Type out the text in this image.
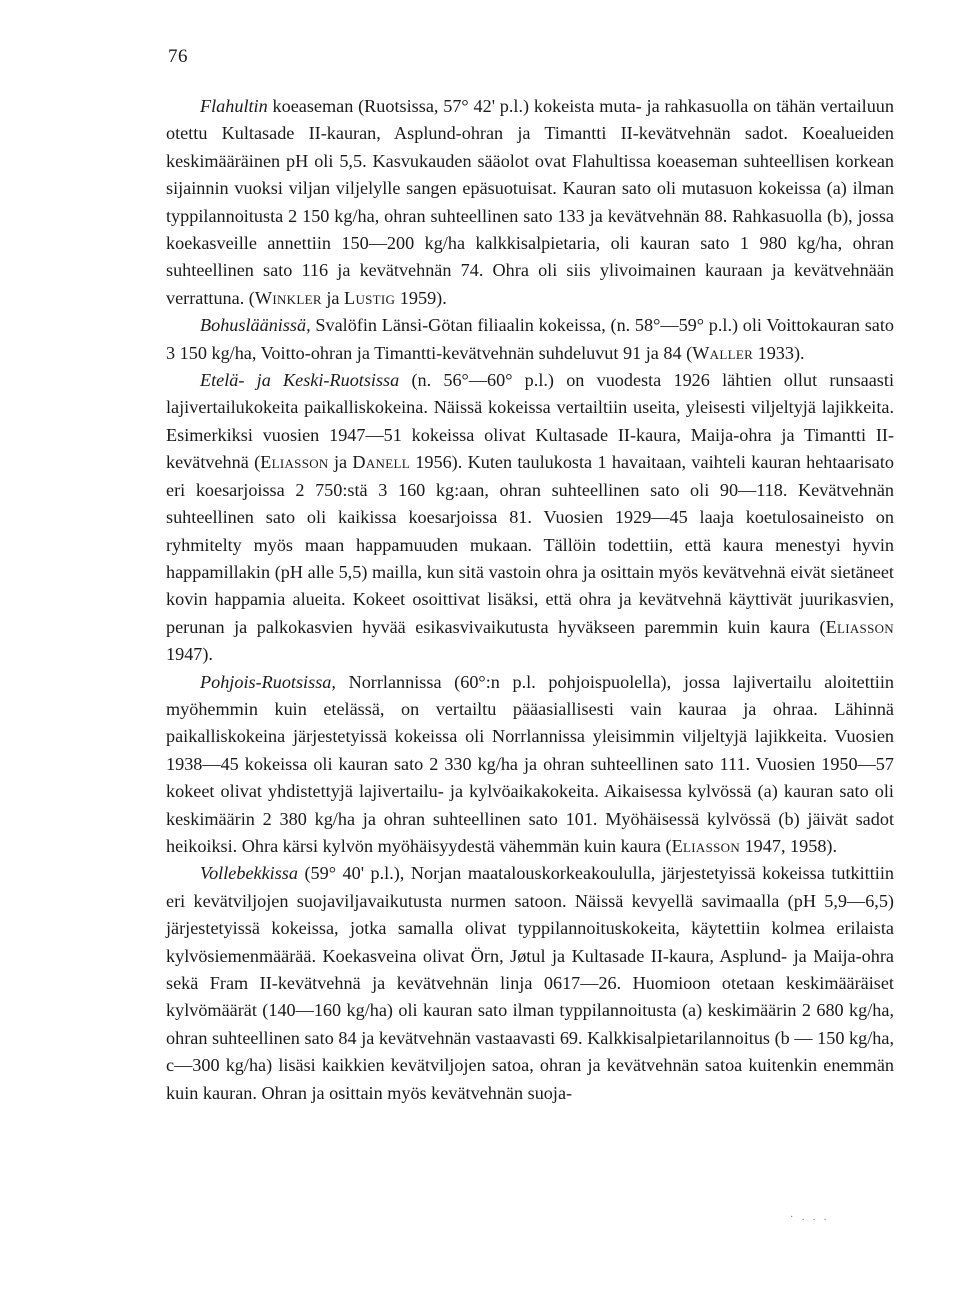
76

Flahultin koeaseman (Ruotsissa, 57° 42' p.l.) kokeista muta- ja rahkasuolla on tähän vertailuun otettu Kultasade II-kauran, Asplund-ohran ja Timantti II-kevätvehnän sadot. Koealueiden keskimääräinen pH oli 5,5. Kasvukauden sääolot ovat Flahultissa koeaseman suhteellisen korkean sijainnin vuoksi viljan viljelylle sangen epäsuotuisat. Kauran sato oli mutasuon kokeissa (a) ilman typpilannoitusta 2 150 kg/ha, ohran suhteellinen sato 133 ja kevätvehnän 88. Rahkasuolla (b), jossa koekasveille annettiin 150—200 kg/ha kalkkisalpietaria, oli kauran sato 1 980 kg/ha, ohran suhteellinen sato 116 ja kevätvehnän 74. Ohra oli siis ylivoimainen kauraan ja kevätvehnään verrattuna. (Winkler ja Lustig 1959).

Bohusläänissä, Svalöfin Länsi-Götan filiaalin kokeissa, (n. 58°—59° p.l.) oli Voittokauran sato 3 150 kg/ha, Voitto-ohran ja Timantti-kevätvehnän suhdeluvut 91 ja 84 (Waller 1933).

Etelä- ja Keski-Ruotsissa (n. 56°—60° p.l.) on vuodesta 1926 lähtien ollut runsaasti lajivertailukokeita paikalliskokeina. Näissä kokeissa vertailtiin useita, yleisesti viljeltyjä lajikkeita. Esimerkiksi vuosien 1947—51 kokeissa olivat Kultasade II-kaura, Maija-ohra ja Timantti II-kevätvehnä (Eliasson ja Danell 1956). Kuten taulukosta 1 havaitaan, vaihteli kauran hehtaarisato eri koesarjoissa 2 750:stä 3 160 kg:aan, ohran suhteellinen sato oli 90—118. Kevätvehnän suhteellinen sato oli kaikissa koesarjoissa 81. Vuosien 1929—45 laaja koetulosaineisto on ryhmitelty myös maan happamuuden mukaan. Tällöin todettiin, että kaura menestyi hyvin happamillakin (pH alle 5,5) mailla, kun sitä vastoin ohra ja osittain myös kevätvehnä eivät sietäneet kovin happamia alueita. Kokeet osoittivat lisäksi, että ohra ja kevätvehnä käyttivät juurikasvien, perunan ja palkokasvien hyvää esikasvivaikutusta hyväkseen paremmin kuin kaura (Eliasson 1947).

Pohjois-Ruotsissa, Norrlannissa (60°:n p.l. pohjoispuolella), jossa lajivertailu aloitettiin myöhemmin kuin etelässä, on vertailtu pääasiallisesti vain kauraa ja ohraa. Lähinnä paikalliskokeina järjestetyissä kokeissa oli Norrlannissa yleisimmin viljeltyjä lajikkeita. Vuosien 1938—45 kokeissa oli kauran sato 2 330 kg/ha ja ohran suhteellinen sato 111. Vuosien 1950—57 kokeet olivat yhdistettyjä lajivertailu- ja kylvöaikakokeita. Aikaisessa kylvössä (a) kauran sato oli keskimäärin 2 380 kg/ha ja ohran suhteellinen sato 101. Myöhäisessä kylvössä (b) jäivät sadot heikoiksi. Ohra kärsi kylvön myöhäisyydestä vähemmän kuin kaura (Eliasson 1947, 1958).

Vollebekkissa (59° 40' p.l.), Norjan maatalouskorkeakoululla, järjestetyissä kokeissa tutkittiin eri kevätviljojen suojaviljavaikutusta nurmen satoon. Näissä kevyellä savimaalla (pH 5,9—6,5) järjestetyissä kokeissa, jotka samalla olivat typpilannoituskokeita, käytettiin kolmea erilaista kylvösiemenmäärää. Koekasveina olivat Örn, Jøtul ja Kultasade II-kaura, Asplund- ja Maija-ohra sekä Fram II-kevätvehnä ja kevätvehnän linja 0617—26. Huomioon otetaan keskimääräiset kylvömäärät (140—160 kg/ha) oli kauran sato ilman typpilannoitusta (a) keskimäärin 2 680 kg/ha, ohran suhteellinen sato 84 ja kevätvehnän vastaavasti 69. Kalkkisalpietarilannoitus (b — 150 kg/ha, c—300 kg/ha) lisäsi kaikkien kevätviljojen satoa, ohran ja kevätvehnän satoa kuitenkin enemmän kuin kauran. Ohran ja osittain myös kevätvehnän suoja-

· . . .
